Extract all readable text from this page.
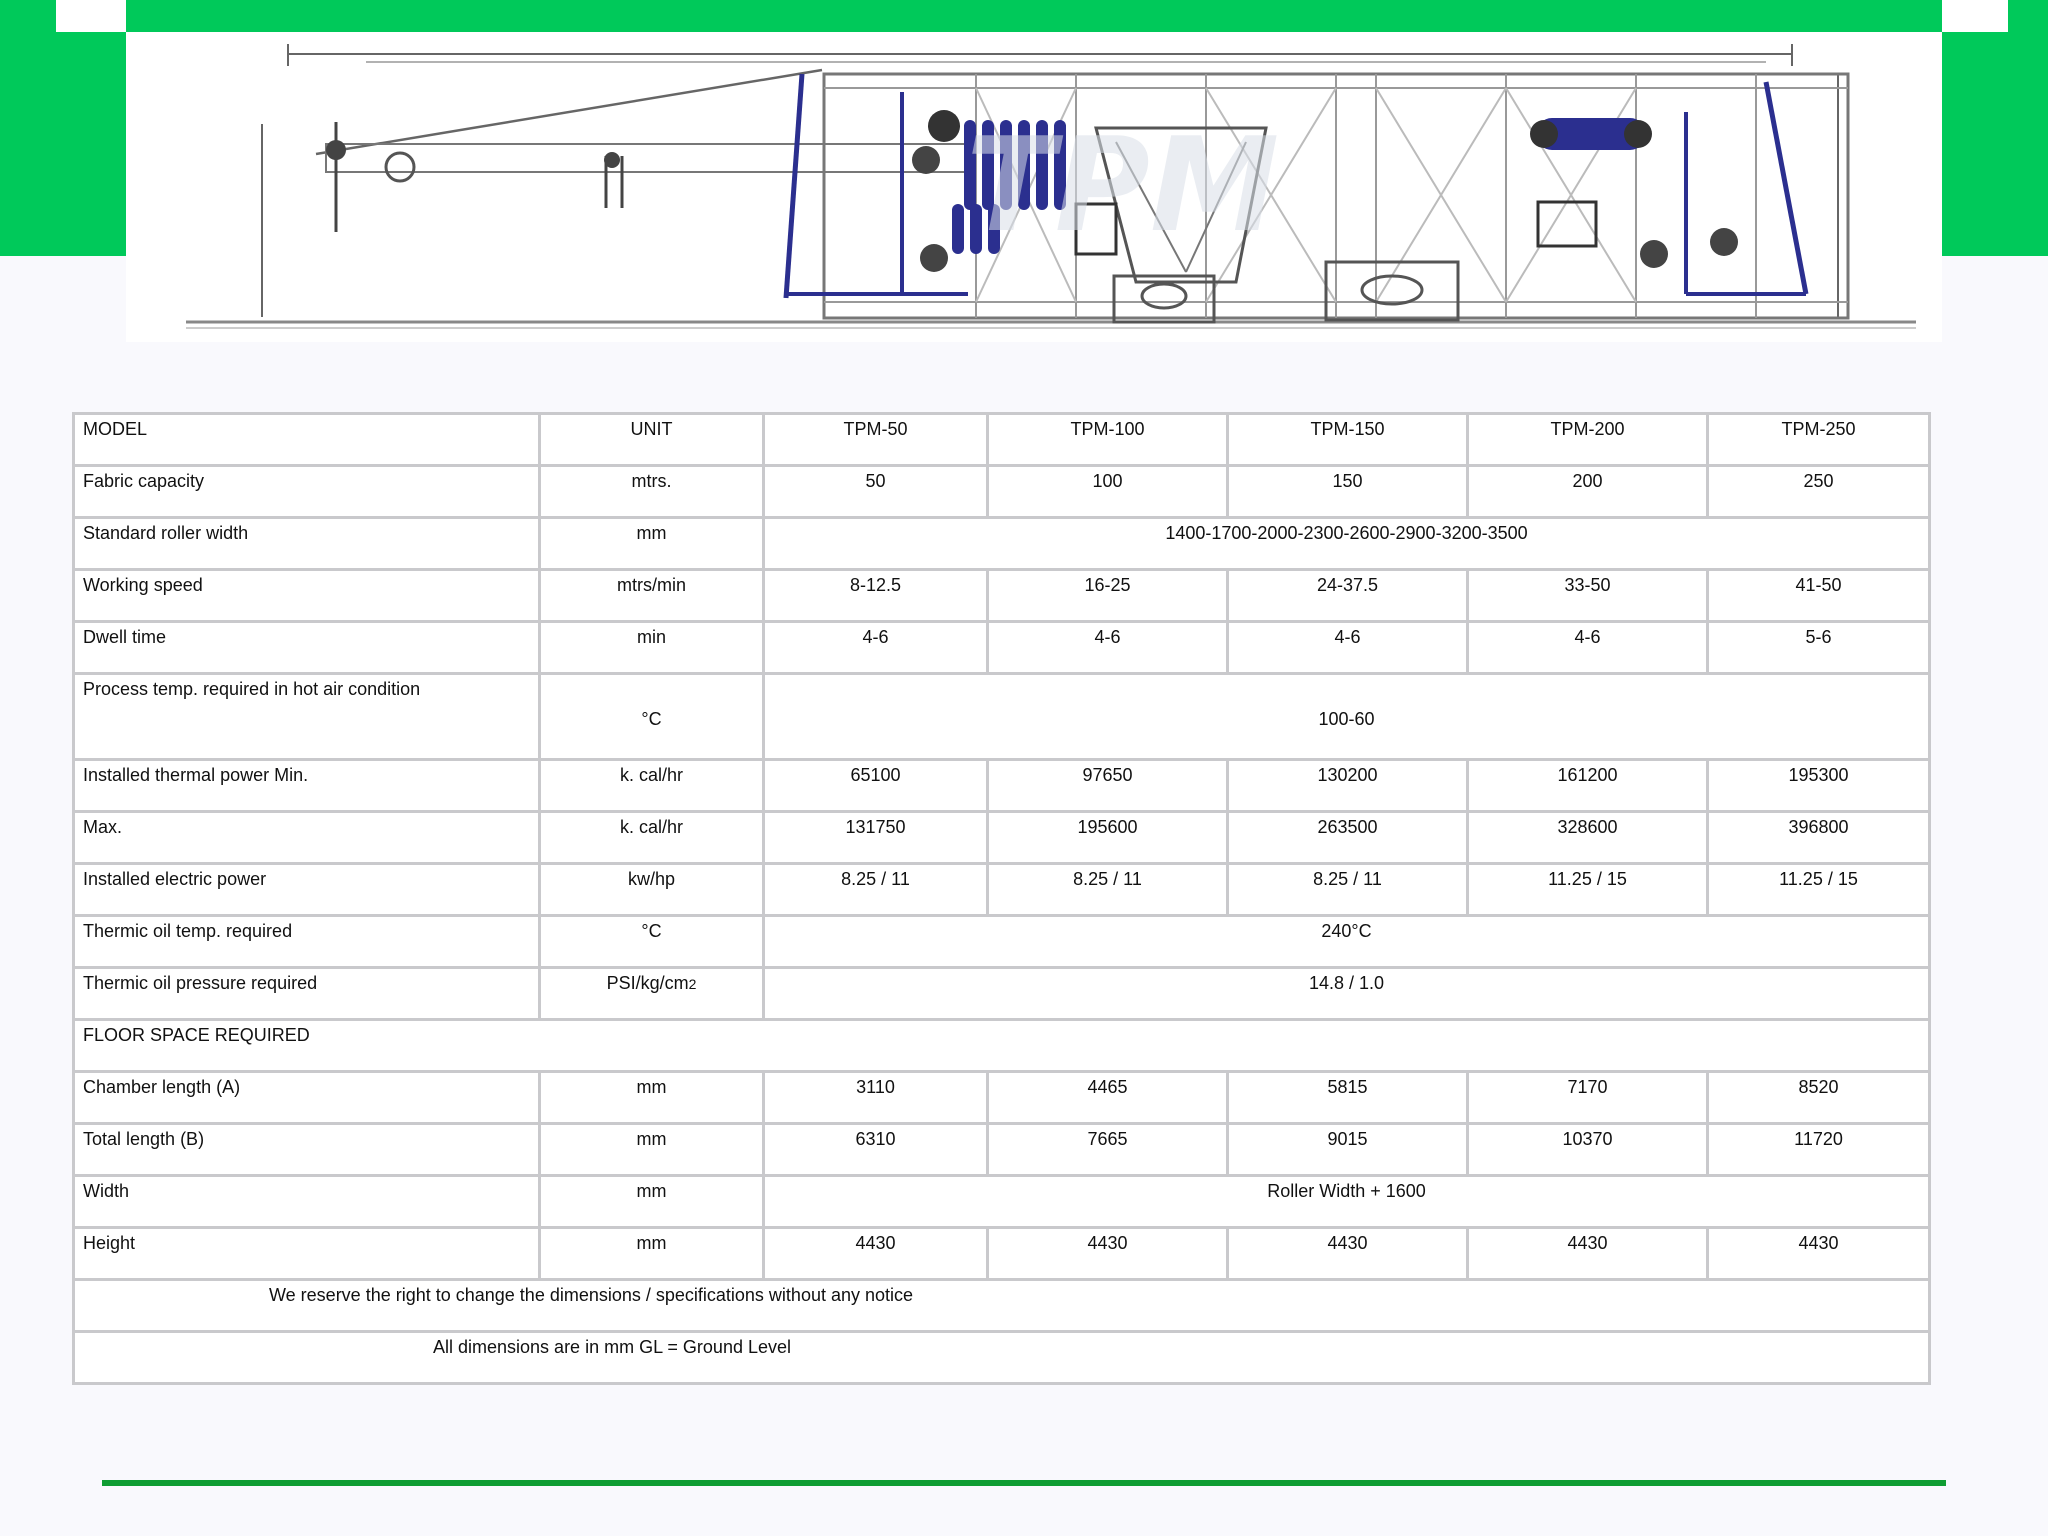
TPM
MODEL	UNIT	TPM-50	TPM-100	TPM-150	TPM-200	TPM-250
Fabric capacity	mtrs.	50	100	150	200	250
Standard roller width	mm	1400-1700-2000-2300-2600-2900-3200-3500				
Working speed	mtrs/min	8-12.5	16-25	24-37.5	33-50	41-50
Dwell time	min	4-6	4-6	4-6	4-6	5-6
Process temp. required in hot air condition	°C	100-60				
Installed thermal power Min.	k. cal/hr	65100	97650	130200	161200	195300
Max.	k. cal/hr	131750	195600	263500	328600	396800
Installed electric power	kw/hp	8.25 / 11	8.25 / 11	8.25 / 11	11.25 / 15	11.25 / 15
Thermic oil temp. required	°C	240°C				
Thermic oil pressure required	PSI/kg/cm2	14.8 / 1.0				
FLOOR SPACE REQUIRED						
Chamber length (A)	mm	3110	4465	5815	7170	8520
Total length (B)	mm	6310	7665	9015	10370	11720
Width	mm	Roller Width + 1600				
Height	mm	4430	4430	4430	4430	4430
We reserve the right to change the dimensions / specifications without any notice						
All dimensions are in mm GL = Ground Level						
